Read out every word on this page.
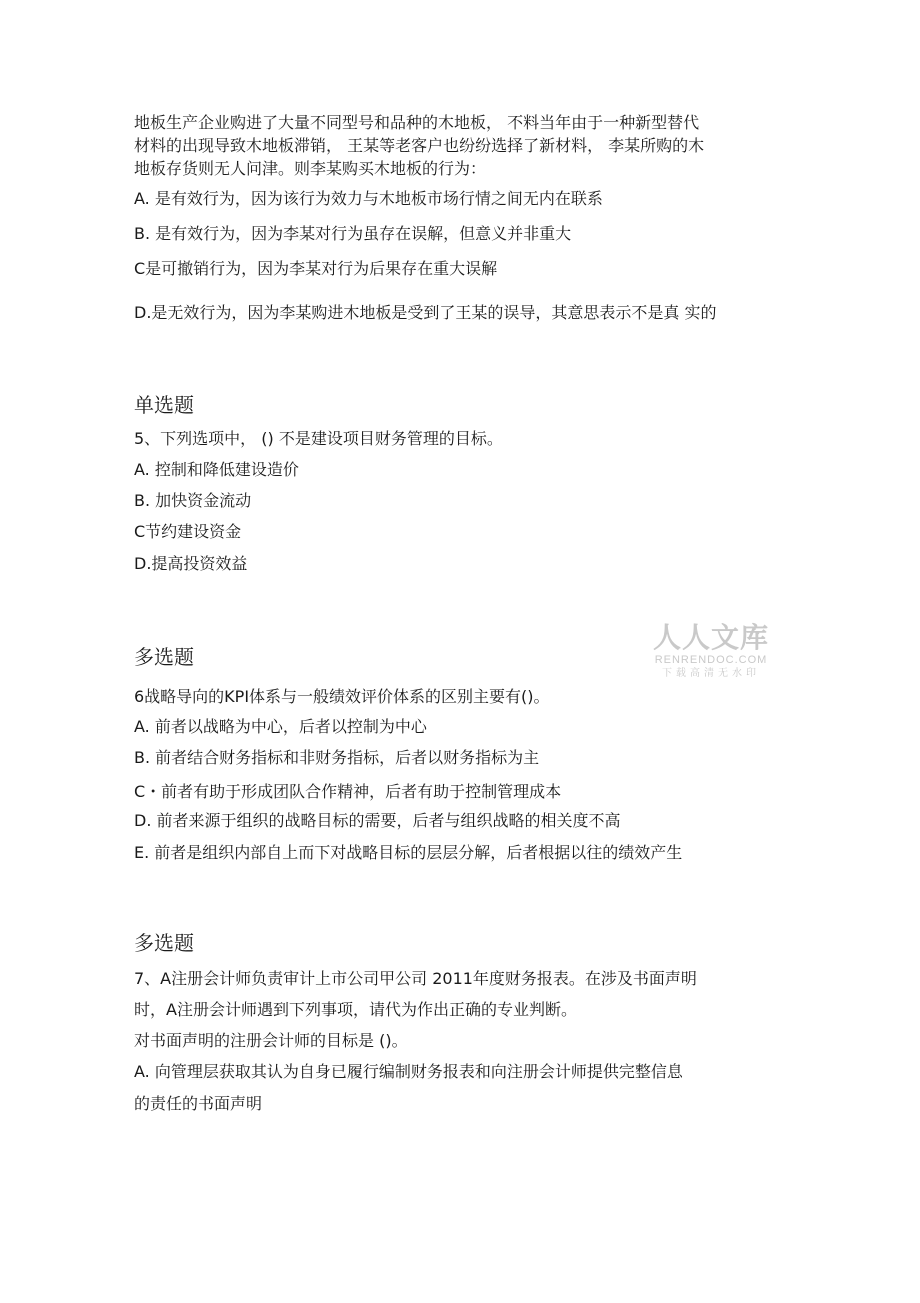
地板生产企业购进了大量不同型号和品种的木地板， 不料当年由于一种新型替代
材料的出现导致木地板滞销， 王某等老客户也纷纷选择了新材料， 李某所购的木
地板存货则无人问津。则李某购买木地板的行为：
A. 是有效行为，因为该行为效力与木地板市场行情之间无内在联系
B. 是有效行为，因为李某对行为虽存在误解，但意义并非重大
C是可撤销行为，因为李某对行为后果存在重大误解
D.是无效行为，因为李某购进木地板是受到了王某的误导，其意思表示不是真 实的
单选题
5、下列选项中， () 不是建设项目财务管理的目标。
A. 控制和降低建设造价
B. 加快资金流动
C节约建设资金
D.提高投资效益
人人文库
RENRENDOC.COM
下载高清无水印
多选题
6战略导向的KPI体系与一般绩效评价体系的区别主要有()。
A. 前者以战略为中心，后者以控制为中心
B. 前者结合财务指标和非财务指标，后者以财务指标为主
C・前者有助于形成团队合作精神，后者有助于控制管理成本
D. 前者来源于组织的战略目标的需要，后者与组织战略的相关度不高
E. 前者是组织内部自上而下对战略目标的层层分解，后者根据以往的绩效产生
多选题
7、A注册会计师负责审计上市公司甲公司 2011年度财务报表。在涉及书面声明
时，A注册会计师遇到下列事项，请代为作出正确的专业判断。
对书面声明的注册会计师的目标是 ()。
A. 向管理层获取其认为自身已履行编制财务报表和向注册会计师提供完整信息
的责任的书面声明
